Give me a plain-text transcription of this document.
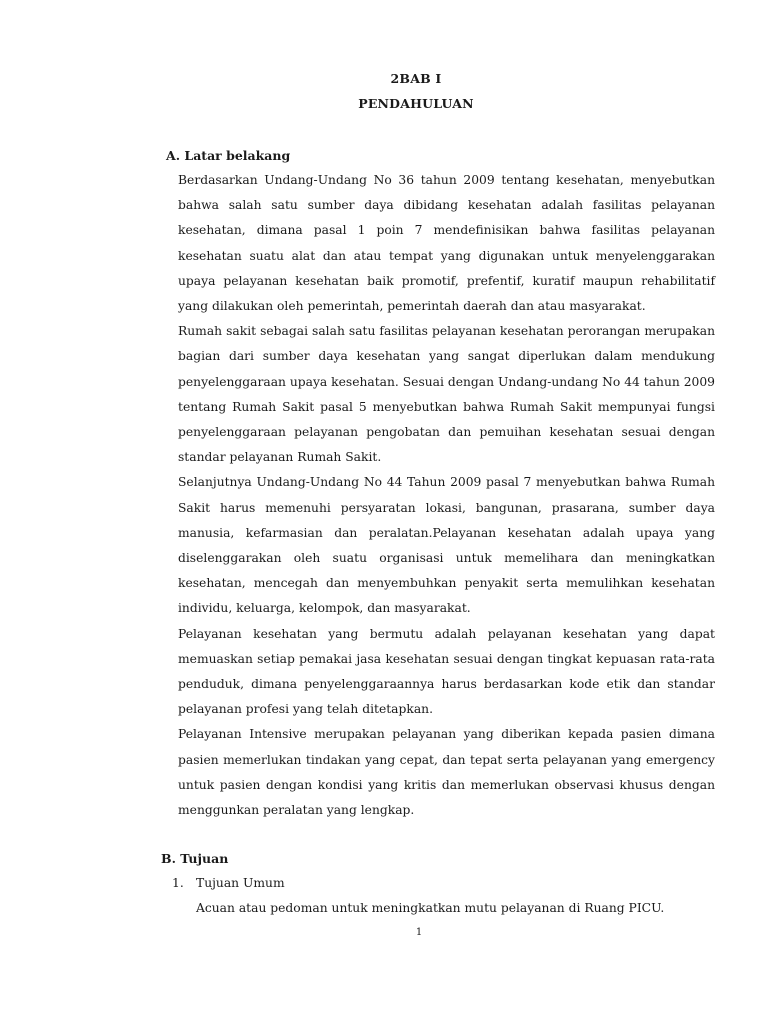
2BAB I
PENDAHULUAN
A. Latar belakang

Berdasarkan Undang-Undang No 36 tahun 2009 tentang kesehatan, menyebutkan bahwa salah satu sumber daya dibidang kesehatan adalah fasilitas pelayanan kesehatan, dimana pasal 1 poin 7 mendefinisikan bahwa fasilitas pelayanan kesehatan suatu alat dan atau tempat yang digunakan untuk menyelenggarakan upaya pelayanan kesehatan baik promotif, prefentif, kuratif maupun rehabilitatif yang dilakukan oleh pemerintah, pemerintah daerah dan atau masyarakat.

Rumah sakit sebagai salah satu fasilitas pelayanan kesehatan perorangan merupakan bagian dari sumber daya kesehatan yang sangat diperlukan dalam mendukung penyelenggaraan upaya kesehatan. Sesuai dengan Undang-undang No 44 tahun 2009 tentang Rumah Sakit pasal 5 menyebutkan bahwa Rumah Sakit mempunyai fungsi penyelenggaraan pelayanan pengobatan dan pemuihan kesehatan sesuai dengan standar pelayanan Rumah Sakit.

Selanjutnya Undang-Undang No 44 Tahun 2009 pasal 7 menyebutkan bahwa Rumah Sakit harus memenuhi persyaratan lokasi, bangunan, prasarana, sumber daya manusia, kefarmasian dan peralatan.Pelayanan kesehatan adalah upaya yang diselenggarakan oleh suatu organisasi untuk memelihara dan meningkatkan kesehatan, mencegah dan menyembuhkan penyakit serta memulihkan kesehatan individu, keluarga, kelompok, dan masyarakat.

Pelayanan kesehatan yang bermutu adalah pelayanan kesehatan yang dapat memuaskan setiap pemakai jasa kesehatan sesuai dengan tingkat kepuasan rata-rata penduduk, dimana penyelenggaraannya harus berdasarkan kode etik dan standar pelayanan profesi yang telah ditetapkan.

Pelayanan Intensive merupakan pelayanan yang diberikan kepada pasien dimana pasien memerlukan tindakan yang cepat, dan tepat serta pelayanan yang emergency untuk pasien dengan kondisi yang kritis dan memerlukan observasi khusus dengan menggunkan peralatan yang lengkap.

B. Tujuan
1. Tujuan Umum
Acuan atau pedoman untuk meningkatkan mutu pelayanan di Ruang PICU.
1
